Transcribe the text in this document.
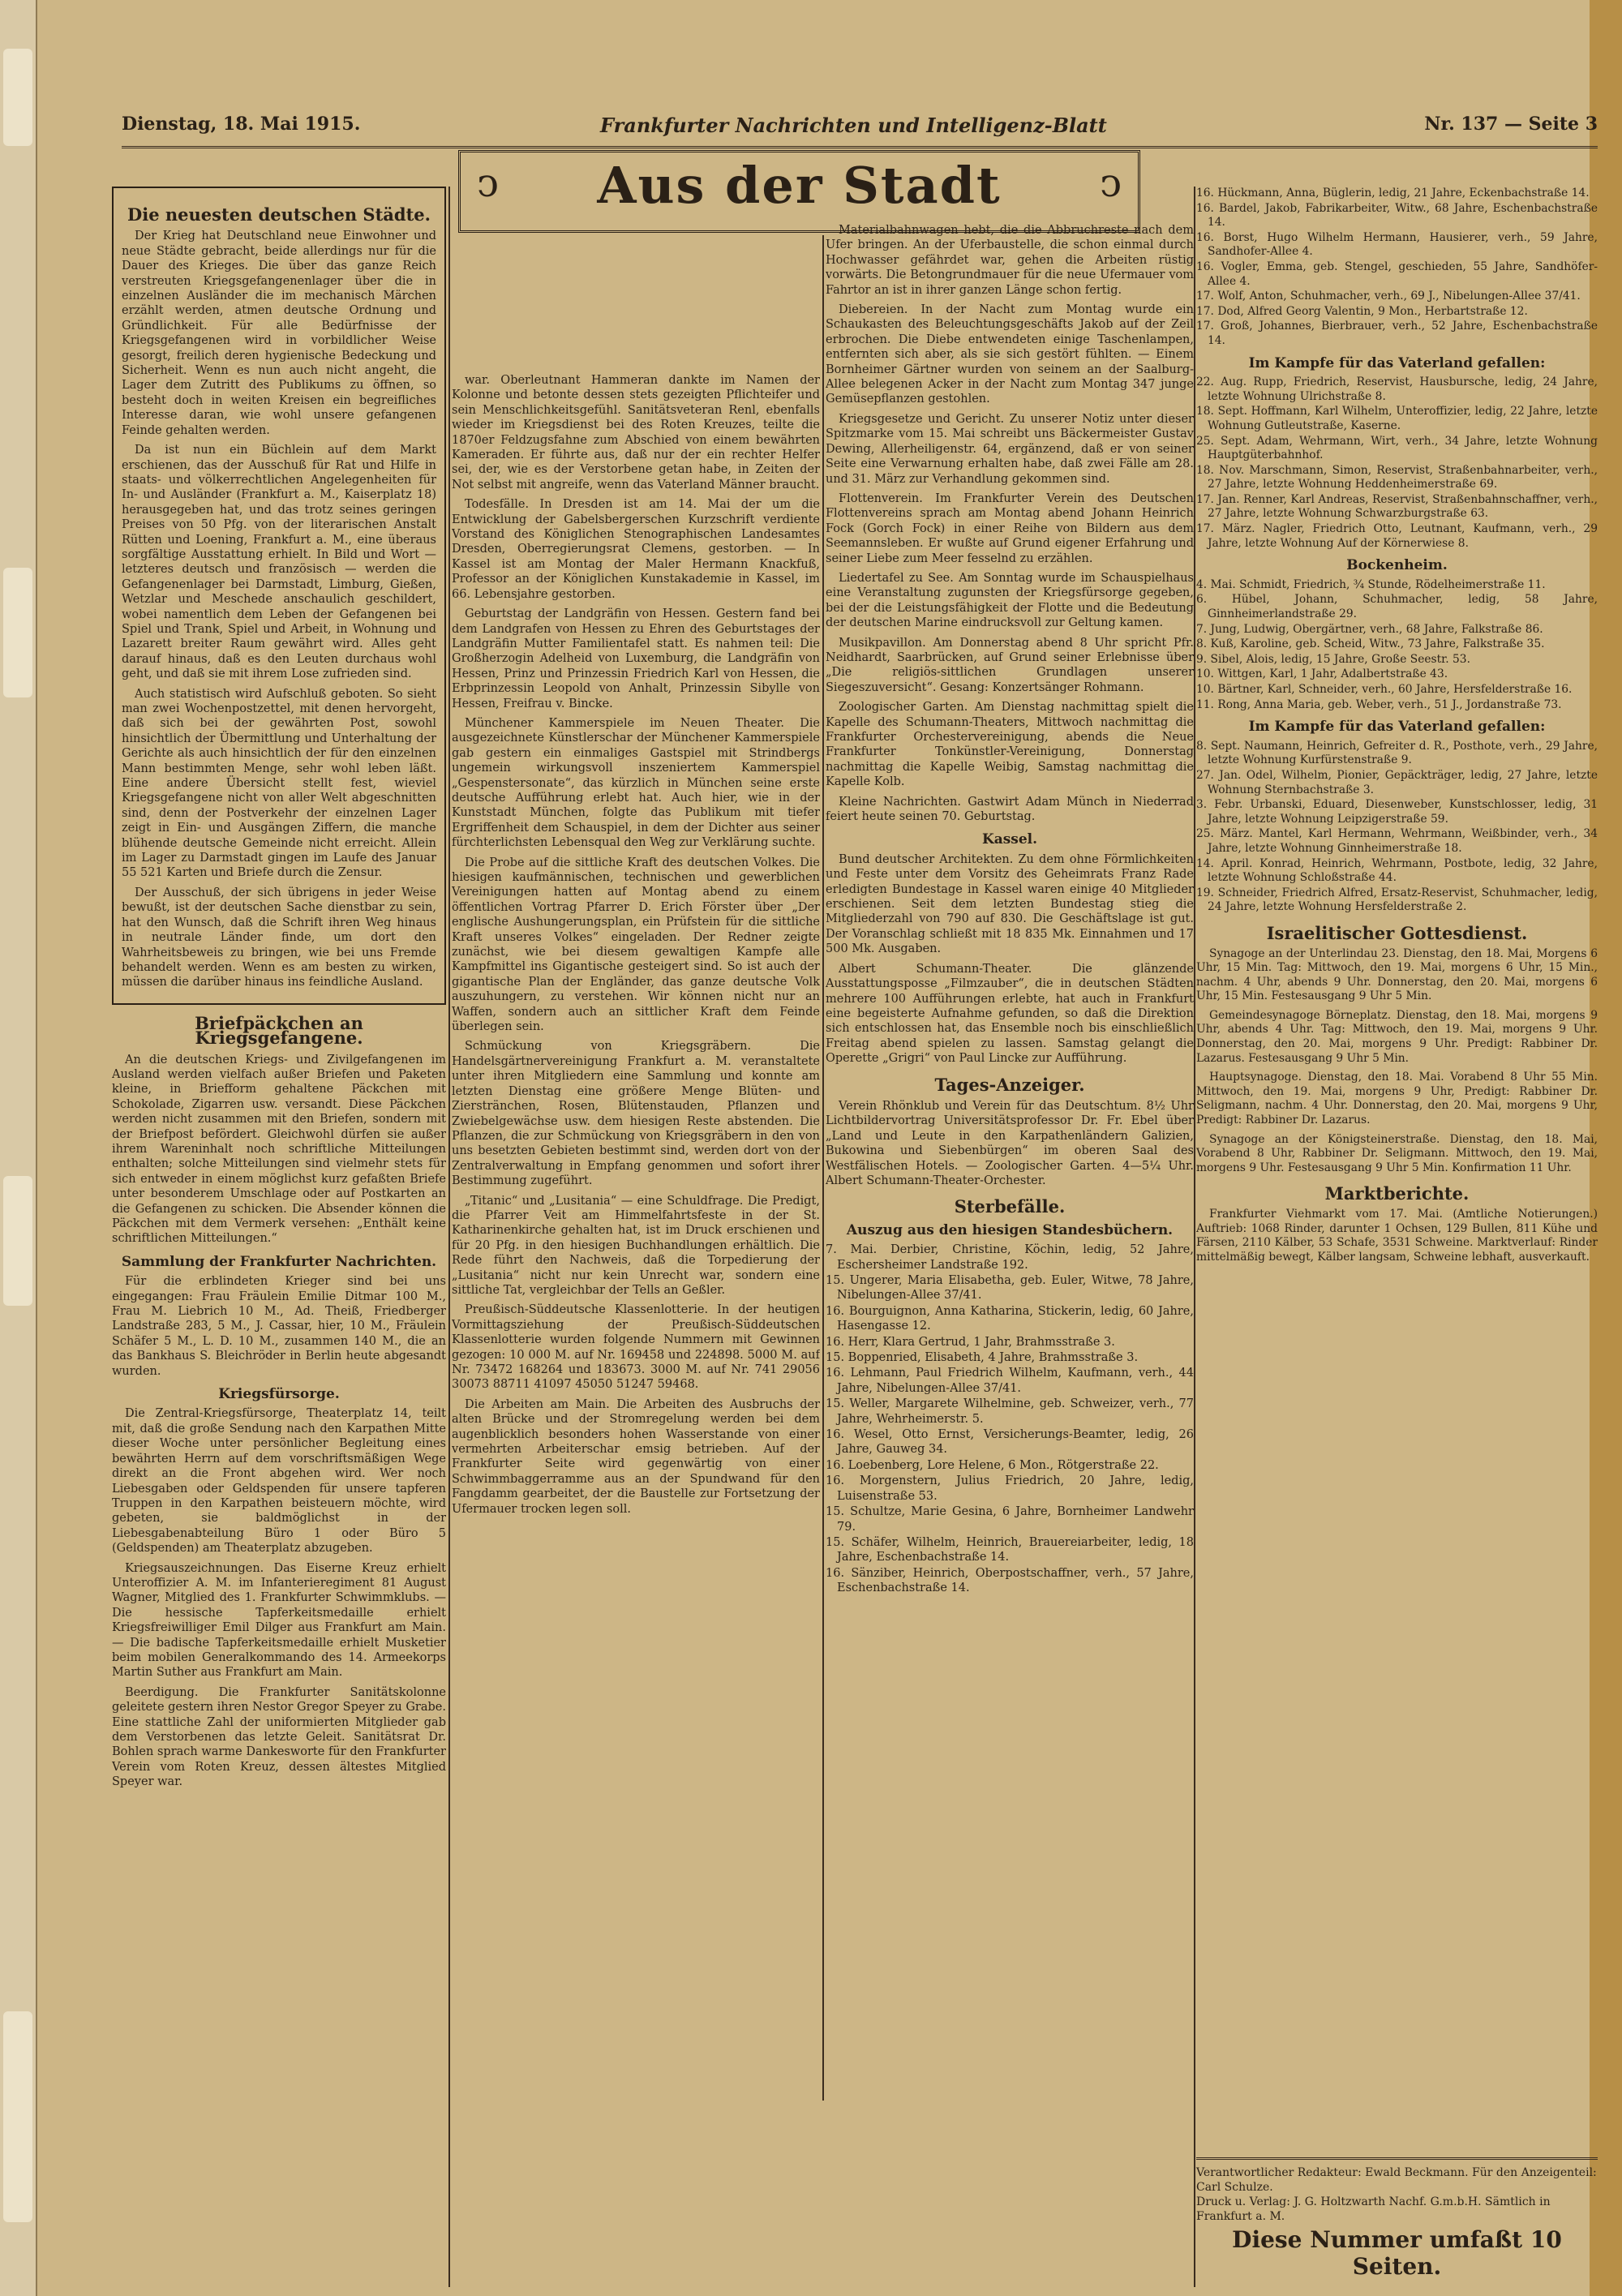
Dienstag, 18. Mai 1915.	Frankfurter Nachrichten und Intelligenz-Blatt	Nr. 137 — Seite 3
ↄ	Aus der Stadt	ↄ
Die neuesten deutschen Städte.

Der Krieg hat Deutschland neue Einwohner und neue Städte gebracht, beide allerdings nur für die Dauer des Krieges. Die über das ganze Reich verstreuten Kriegsgefangenenlager über die in einzelnen Ausländer die im mechanisch Märchen erzählt werden, atmen deutsche Ordnung und Gründlichkeit. Für alle Bedürfnisse der Kriegsgefangenen wird in vorbildlicher Weise gesorgt, freilich deren hygienische Bedeckung und Sicherheit. Wenn es nun auch nicht angeht, die Lager dem Zutritt des Publikums zu öffnen, so besteht doch in weiten Kreisen ein begreifliches Interesse daran, wie wohl unsere gefangenen Feinde gehalten werden.

Da ist nun ein Büchlein auf dem Markt erschienen, das der Ausschuß für Rat und Hilfe in staats- und völkerrechtlichen Angelegenheiten für In- und Ausländer (Frankfurt a. M., Kaiserplatz 18) herausgegeben hat, und das trotz seines geringen Preises von 50 Pfg. von der literarischen Anstalt Rütten und Loening, Frankfurt a. M., eine überaus sorgfältige Ausstattung erhielt. In Bild und Wort — letzteres deutsch und französisch — werden die Gefangenenlager bei Darmstadt, Limburg, Gießen, Wetzlar und Meschede anschaulich geschildert, wobei namentlich dem Leben der Gefangenen bei Spiel und Trank, Spiel und Arbeit, in Wohnung und Lazarett breiter Raum gewährt wird. Alles geht darauf hinaus, daß es den Leuten durchaus wohl geht, und daß sie mit ihrem Lose zufrieden sind.

Auch statistisch wird Aufschluß geboten. So sieht man zwei Wochenpostzettel, mit denen hervorgeht, daß sich bei der gewährten Post, sowohl hinsichtlich der Übermittlung und Unterhaltung der Gerichte als auch hinsichtlich der für den einzelnen Mann bestimmten Menge, sehr wohl leben läßt. Eine andere Übersicht stellt fest, wieviel Kriegsgefangene nicht von aller Welt abgeschnitten sind, denn der Postverkehr der einzelnen Lager zeigt in Ein- und Ausgängen Ziffern, die manche blühende deutsche Gemeinde nicht erreicht. Allein im Lager zu Darmstadt gingen im Laufe des Januar 55 521 Karten und Briefe durch die Zensur.

Der Ausschuß, der sich übrigens in jeder Weise bewußt, ist der deutschen Sache dienstbar zu sein, hat den Wunsch, daß die Schrift ihren Weg hinaus in neutrale Länder finde, um dort den Wahrheitsbeweis zu bringen, wie bei uns Fremde behandelt werden. Wenn es am besten zu wirken, müssen die darüber hinaus ins feindliche Ausland.

Briefpäckchen an Kriegsgefangene.

An die deutschen Kriegs- und Zivilgefangenen im Ausland werden vielfach außer Briefen und Paketen kleine, in Briefform gehaltene Päckchen mit Schokolade, Zigarren usw. versandt. Diese Päckchen werden nicht zusammen mit den Briefen, sondern mit der Briefpost befördert. Gleichwohl dürfen sie außer ihrem Wareninhalt noch schriftliche Mitteilungen enthalten; solche Mitteilungen sind vielmehr stets für sich entweder in einem möglichst kurz gefaßten Briefe unter besonderem Umschlage oder auf Postkarten an die Gefangenen zu schicken. Die Absender können die Päckchen mit dem Vermerk versehen: „Enthält keine schriftlichen Mitteilungen.“

Sammlung der Frankfurter Nachrichten.

Für die erblindeten Krieger sind bei uns eingegangen: Frau Fräulein Emilie Ditmar 100 M., Frau M. Liebrich 10 M., Ad. Theiß, Friedberger Landstraße 283, 5 M., J. Cassar, hier, 10 M., Fräulein Schäfer 5 M., L. D. 10 M., zusammen 140 M., die an das Bankhaus S. Bleichröder in Berlin heute abgesandt wurden.

Kriegsfürsorge.

Die Zentral-Kriegsfürsorge, Theaterplatz 14, teilt mit, daß die große Sendung nach den Karpathen Mitte dieser Woche unter persönlicher Begleitung eines bewährten Herrn auf dem vorschriftsmäßigen Wege direkt an die Front abgehen wird. Wer noch Liebesgaben oder Geldspenden für unsere tapferen Truppen in den Karpathen beisteuern möchte, wird gebeten, sie baldmöglichst in der Liebesgabenabteilung Büro 1 oder Büro 5 (Geldspenden) am Theaterplatz abzugeben.

Kriegsauszeichnungen. Das Eiserne Kreuz erhielt Unteroffizier A. M. im Infanterieregiment 81 August Wagner, Mitglied des 1. Frankfurter Schwimmklubs. — Die hessische Tapferkeitsmedaille erhielt Kriegsfreiwilliger Emil Dilger aus Frankfurt am Main. — Die badische Tapferkeitsmedaille erhielt Musketier beim mobilen Generalkommando des 14. Armeekorps Martin Suther aus Frankfurt am Main.

Beerdigung. Die Frankfurter Sanitätskolonne geleitete gestern ihren Nestor Gregor Speyer zu Grabe. Eine stattliche Zahl der uniformierten Mitglieder gab dem Verstorbenen das letzte Geleit. Sanitätsrat Dr. Bohlen sprach warme Dankesworte für den Frankfurter Verein vom Roten Kreuz, dessen ältestes Mitglied Speyer war.

war. Oberleutnant Hammeran dankte im Namen der Kolonne und betonte dessen stets gezeigten Pflichteifer und sein Menschlichkeitsgefühl. Sanitätsveteran Renl, ebenfalls wieder im Kriegsdienst bei des Roten Kreuzes, teilte die 1870er Feldzugsfahne zum Abschied von einem bewährten Kameraden. Er führte aus, daß nur der ein rechter Helfer sei, der, wie es der Verstorbene getan habe, in Zeiten der Not selbst mit angreife, wenn das Vaterland Männer braucht.

Todesfälle. In Dresden ist am 14. Mai der um die Entwicklung der Gabelsbergerschen Kurzschrift verdiente Vorstand des Königlichen Stenographischen Landesamtes Dresden, Oberregierungsrat Clemens, gestorben. — In Kassel ist am Montag der Maler Hermann Knackfuß, Professor an der Königlichen Kunstakademie in Kassel, im 66. Lebensjahre gestorben.

Geburtstag der Landgräfin von Hessen. Gestern fand bei dem Landgrafen von Hessen zu Ehren des Geburtstages der Landgräfin Mutter Familientafel statt. Es nahmen teil: Die Großherzogin Adelheid von Luxemburg, die Landgräfin von Hessen, Prinz und Prinzessin Friedrich Karl von Hessen, die Erbprinzessin Leopold von Anhalt, Prinzessin Sibylle von Hessen, Freifrau v. Bincke.

Münchener Kammerspiele im Neuen Theater. Die ausgezeichnete Künstlerschar der Münchener Kammerspiele gab gestern ein einmaliges Gastspiel mit Strindbergs ungemein wirkungsvoll inszeniertem Kammerspiel „Gespenstersonate“, das kürzlich in München seine erste deutsche Aufführung erlebt hat. Auch hier, wie in der Kunststadt München, folgte das Publikum mit tiefer Ergriffenheit dem Schauspiel, in dem der Dichter aus seiner fürchterlichsten Lebensqual den Weg zur Verklärung suchte.

Die Probe auf die sittliche Kraft des deutschen Volkes. Die hiesigen kaufmännischen, technischen und gewerblichen Vereinigungen hatten auf Montag abend zu einem öffentlichen Vortrag Pfarrer D. Erich Förster über „Der englische Aushungerungsplan, ein Prüfstein für die sittliche Kraft unseres Volkes“ eingeladen. Der Redner zeigte zunächst, wie bei diesem gewaltigen Kampfe alle Kampfmittel ins Gigantische gesteigert sind. So ist auch der gigantische Plan der Engländer, das ganze deutsche Volk auszuhungern, zu verstehen. Wir können nicht nur an Waffen, sondern auch an sittlicher Kraft dem Feinde überlegen sein.

Schmückung von Kriegsgräbern. Die Handelsgärtnervereinigung Frankfurt a. M. veranstaltete unter ihren Mitgliedern eine Sammlung und konnte am letzten Dienstag eine größere Menge Blüten- und Zierstränchen, Rosen, Blütenstauden, Pflanzen und Zwiebelgewächse usw. dem hiesigen Reste abstenden. Die Pflanzen, die zur Schmückung von Kriegsgräbern in den von uns besetzten Gebieten bestimmt sind, werden dort von der Zentralverwaltung in Empfang genommen und sofort ihrer Bestimmung zugeführt.

„Titanic“ und „Lusitania“ — eine Schuldfrage. Die Predigt, die Pfarrer Veit am Himmelfahrtsfeste in der St. Katharinenkirche gehalten hat, ist im Druck erschienen und für 20 Pfg. in den hiesigen Buchhandlungen erhältlich. Die Rede führt den Nachweis, daß die Torpedierung der „Lusitania“ nicht nur kein Unrecht war, sondern eine sittliche Tat, vergleichbar der Tells an Geßler.

Preußisch-Süddeutsche Klassenlotterie. In der heutigen Vormittagsziehung der Preußisch-Süddeutschen Klassenlotterie wurden folgende Nummern mit Gewinnen gezogen: 10 000 M. auf Nr. 169458 und 224898. 5000 M. auf Nr. 73472 168264 und 183673. 3000 M. auf Nr. 741 29056 30073 88711 41097 45050 51247 59468.

Die Arbeiten am Main. Die Arbeiten des Ausbruchs der alten Brücke und der Stromregelung werden bei dem augenblicklich besonders hohen Wasserstande von einer vermehrten Arbeiterschar emsig betrieben. Auf der Frankfurter Seite wird gegenwärtig von einer Schwimmbaggerramme aus an der Spundwand für den Fangdamm gearbeitet, der die Baustelle zur Fortsetzung der Ufermauer trocken legen soll.

Materialbahnwagen hebt, die die Abbruchreste nach dem Ufer bringen. An der Uferbaustelle, die schon einmal durch Hochwasser gefährdet war, gehen die Arbeiten rüstig vorwärts. Die Betongrundmauer für die neue Ufermauer vom Fahrtor an ist in ihrer ganzen Länge schon fertig.

Diebereien. In der Nacht zum Montag wurde ein Schaukasten des Beleuchtungsgeschäfts Jakob auf der Zeil erbrochen. Die Diebe entwendeten einige Taschenlampen, entfernten sich aber, als sie sich gestört fühlten. — Einem Bornheimer Gärtner wurden von seinem an der Saalburg-Allee belegenen Acker in der Nacht zum Montag 347 junge Gemüsepflanzen gestohlen.

Kriegsgesetze und Gericht. Zu unserer Notiz unter dieser Spitzmarke vom 15. Mai schreibt uns Bäckermeister Gustav Dewing, Allerheiligenstr. 64, ergänzend, daß er von seiner Seite eine Verwarnung erhalten habe, daß zwei Fälle am 28. und 31. März zur Verhandlung gekommen sind.

Flottenverein. Im Frankfurter Verein des Deutschen Flottenvereins sprach am Montag abend Johann Heinrich Fock (Gorch Fock) in einer Reihe von Bildern aus dem Seemannsleben. Er wußte auf Grund eigener Erfahrung und seiner Liebe zum Meer fesselnd zu erzählen.

Liedertafel zu See. Am Sonntag wurde im Schauspielhaus eine Veranstaltung zugunsten der Kriegsfürsorge gegeben, bei der die Leistungsfähigkeit der Flotte und die Bedeutung der deutschen Marine eindrucksvoll zur Geltung kamen.

Musikpavillon. Am Donnerstag abend 8 Uhr spricht Pfr. Neidhardt, Saarbrücken, auf Grund seiner Erlebnisse über „Die religiös-sittlichen Grundlagen unserer Siegeszuversicht“. Gesang: Konzertsänger Rohmann.

Zoologischer Garten. Am Dienstag nachmittag spielt die Kapelle des Schumann-Theaters, Mittwoch nachmittag die Frankfurter Orchestervereinigung, abends die Neue Frankfurter Tonkünstler-Vereinigung, Donnerstag nachmittag die Kapelle Weibig, Samstag nachmittag die Kapelle Kolb.

Kleine Nachrichten. Gastwirt Adam Münch in Niederrad feiert heute seinen 70. Geburtstag.

Kassel.

Bund deutscher Architekten. Zu dem ohne Förmlichkeiten und Feste unter dem Vorsitz des Geheimrats Franz Rade erledigten Bundestage in Kassel waren einige 40 Mitglieder erschienen. Seit dem letzten Bundestag stieg die Mitgliederzahl von 790 auf 830. Die Geschäftslage ist gut. Der Voranschlag schließt mit 18 835 Mk. Einnahmen und 17 500 Mk. Ausgaben.

Albert Schumann-Theater. Die glänzende Ausstattungsposse „Filmzauber“, die in deutschen Städten mehrere 100 Aufführungen erlebte, hat auch in Frankfurt eine begeisterte Aufnahme gefunden, so daß die Direktion sich entschlossen hat, das Ensemble noch bis einschließlich Freitag abend spielen zu lassen. Samstag gelangt die Operette „Grigri“ von Paul Lincke zur Aufführung.

Tages-Anzeiger.

Verein Rhönklub und Verein für das Deutschtum. 8½ Uhr Lichtbildervortrag Universitätsprofessor Dr. Fr. Ebel über „Land und Leute in den Karpathenländern Galizien, Bukowina und Siebenbürgen“ im oberen Saal des Westfälischen Hotels. — Zoologischer Garten. 4—5¼ Uhr. Albert Schumann-Theater-Orchester.

Sterbefälle.
Auszug aus den hiesigen Standesbüchern.

7. Mai. Derbier, Christine, Köchin, ledig, 52 Jahre, Eschersheimer Landstraße 192.

15. Ungerer, Maria Elisabetha, geb. Euler, Witwe, 78 Jahre, Nibelungen-Allee 37/41.

16. Bourguignon, Anna Katharina, Stickerin, ledig, 60 Jahre, Hasengasse 12.

16. Herr, Klara Gertrud, 1 Jahr, Brahmsstraße 3.

15. Boppenried, Elisabeth, 4 Jahre, Brahmsstraße 3.

16. Lehmann, Paul Friedrich Wilhelm, Kaufmann, verh., 44 Jahre, Nibelungen-Allee 37/41.

15. Weller, Margarete Wilhelmine, geb. Schweizer, verh., 77 Jahre, Wehrheimerstr. 5.

16. Wesel, Otto Ernst, Versicherungs-Beamter, ledig, 26 Jahre, Gauweg 34.

16. Loebenberg, Lore Helene, 6 Mon., Rötgerstraße 22.

16. Morgenstern, Julius Friedrich, 20 Jahre, ledig, Luisenstraße 53.

15. Schultze, Marie Gesina, 6 Jahre, Bornheimer Landwehr 79.

15. Schäfer, Wilhelm, Heinrich, Brauereiarbeiter, ledig, 18 Jahre, Eschenbachstraße 14.

16. Sänziber, Heinrich, Oberpostschaffner, verh., 57 Jahre, Eschenbachstraße 14.

16. Hückmann, Anna, Büglerin, ledig, 21 Jahre, Eckenbachstraße 14.

16. Bardel, Jakob, Fabrikarbeiter, Witw., 68 Jahre, Eschenbachstraße 14.

16. Borst, Hugo Wilhelm Hermann, Hausierer, verh., 59 Jahre, Sandhofer-Allee 4.

16. Vogler, Emma, geb. Stengel, geschieden, 55 Jahre, Sandhöfer-Allee 4.

17. Wolf, Anton, Schuhmacher, verh., 69 J., Nibelungen-Allee 37/41.

17. Dod, Alfred Georg Valentin, 9 Mon., Herbartstraße 12.

17. Groß, Johannes, Bierbrauer, verh., 52 Jahre, Eschenbachstraße 14.

Im Kampfe für das Vaterland gefallen:

22. Aug. Rupp, Friedrich, Reservist, Hausbursche, ledig, 24 Jahre, letzte Wohnung Ulrichstraße 8.

18. Sept. Hoffmann, Karl Wilhelm, Unteroffizier, ledig, 22 Jahre, letzte Wohnung Gutleutstraße, Kaserne.

25. Sept. Adam, Wehrmann, Wirt, verh., 34 Jahre, letzte Wohnung Hauptgüterbahnhof.

18. Nov. Marschmann, Simon, Reservist, Straßenbahnarbeiter, verh., 27 Jahre, letzte Wohnung Heddenheimerstraße 69.

17. Jan. Renner, Karl Andreas, Reservist, Straßenbahnschaffner, verh., 27 Jahre, letzte Wohnung Schwarzburgstraße 63.

17. März. Nagler, Friedrich Otto, Leutnant, Kaufmann, verh., 29 Jahre, letzte Wohnung Auf der Körnerwiese 8.

Bockenheim.

4. Mai. Schmidt, Friedrich, ¾ Stunde, Rödelheimerstraße 11.

6. Hübel, Johann, Schuhmacher, ledig, 58 Jahre, Ginnheimerlandstraße 29.

7. Jung, Ludwig, Obergärtner, verh., 68 Jahre, Falkstraße 86.

8. Kuß, Karoline, geb. Scheid, Witw., 73 Jahre, Falkstraße 35.

9. Sibel, Alois, ledig, 15 Jahre, Große Seestr. 53.

10. Wittgen, Karl, 1 Jahr, Adalbertstraße 43.

10. Bärtner, Karl, Schneider, verh., 60 Jahre, Hersfelderstraße 16.

11. Rong, Anna Maria, geb. Weber, verh., 51 J., Jordanstraße 73.

Im Kampfe für das Vaterland gefallen:

8. Sept. Naumann, Heinrich, Gefreiter d. R., Posthote, verh., 29 Jahre, letzte Wohnung Kurfürstenstraße 9.

27. Jan. Odel, Wilhelm, Pionier, Gepäckträger, ledig, 27 Jahre, letzte Wohnung Sternbachstraße 3.

3. Febr. Urbanski, Eduard, Diesenweber, Kunstschlosser, ledig, 31 Jahre, letzte Wohnung Leipzigerstraße 59.

25. März. Mantel, Karl Hermann, Wehrmann, Weißbinder, verh., 34 Jahre, letzte Wohnung Ginnheimerstraße 18.

14. April. Konrad, Heinrich, Wehrmann, Postbote, ledig, 32 Jahre, letzte Wohnung Schloßstraße 44.

19. Schneider, Friedrich Alfred, Ersatz-Reservist, Schuhmacher, ledig, 24 Jahre, letzte Wohnung Hersfelderstraße 2.

Israelitischer Gottesdienst.

Synagoge an der Unterlindau 23. Dienstag, den 18. Mai, Morgens 6 Uhr, 15 Min. Tag: Mittwoch, den 19. Mai, morgens 6 Uhr, 15 Min., nachm. 4 Uhr, abends 9 Uhr. Donnerstag, den 20. Mai, morgens 6 Uhr, 15 Min. Festesausgang 9 Uhr 5 Min.

Gemeindesynagoge Börneplatz. Dienstag, den 18. Mai, morgens 9 Uhr, abends 4 Uhr. Tag: Mittwoch, den 19. Mai, morgens 9 Uhr. Donnerstag, den 20. Mai, morgens 9 Uhr. Predigt: Rabbiner Dr. Lazarus. Festesausgang 9 Uhr 5 Min.

Hauptsynagoge. Dienstag, den 18. Mai. Vorabend 8 Uhr 55 Min. Mittwoch, den 19. Mai, morgens 9 Uhr, Predigt: Rabbiner Dr. Seligmann, nachm. 4 Uhr. Donnerstag, den 20. Mai, morgens 9 Uhr, Predigt: Rabbiner Dr. Lazarus.

Synagoge an der Königsteinerstraße. Dienstag, den 18. Mai, Vorabend 8 Uhr, Rabbiner Dr. Seligmann. Mittwoch, den 19. Mai, morgens 9 Uhr. Festesausgang 9 Uhr 5 Min. Konfirmation 11 Uhr.

Marktberichte.

Frankfurter Viehmarkt vom 17. Mai. (Amtliche Notierungen.) Auftrieb: 1068 Rinder, darunter 1 Ochsen, 129 Bullen, 811 Kühe und Färsen, 2110 Kälber, 53 Schafe, 3531 Schweine. Marktverlauf: Rinder mittelmäßig bewegt, Kälber langsam, Schweine lebhaft, ausverkauft.

Verantwortlicher Redakteur: Ewald Beckmann. Für den Anzeigenteil: Carl Schulze.
Druck u. Verlag: J. G. Holtzwarth Nachf. G.m.b.H. Sämtlich in Frankfurt a. M.
Diese Nummer umfaßt 10 Seiten.
